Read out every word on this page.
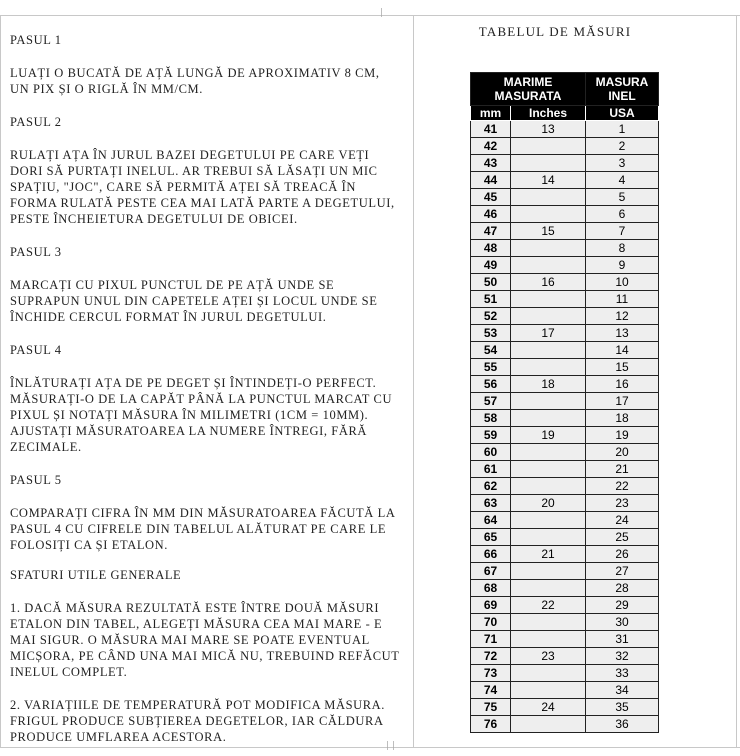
|
| |

PASUL 1

LUAȚI O BUCATĂ DE AȚĂ LUNGĂ DE APROXIMATIV 8 CM, UN PIX ȘI O RIGLĂ ÎN MM/CM.

PASUL 2

RULAȚI AȚA ÎN JURUL BAZEI DEGETULUI PE CARE VEȚI DORI SĂ PURTAȚI INELUL. AR TREBUI SĂ LĂSAȚI UN MIC SPAȚIU, "JOC", CARE SĂ PERMITĂ AȚEI SĂ TREACĂ ÎN FORMA RULATĂ PESTE CEA MAI LATĂ PARTE A DEGETULUI, PESTE ÎNCHEIETURA DEGETULUI DE OBICEI.

PASUL 3

MARCAȚI CU PIXUL PUNCTUL DE PE AȚĂ UNDE SE SUPRAPUN UNUL DIN CAPETELE AȚEI ȘI LOCUL UNDE SE ÎNCHIDE CERCUL FORMAT ÎN JURUL DEGETULUI.

PASUL 4

ÎNLĂTURAȚI AȚA DE PE DEGET ȘI ÎNTINDEȚI-O PERFECT. MĂSURAȚI-O DE LA CAPĂT PÂNĂ LA PUNCTUL MARCAT CU PIXUL ȘI NOTAȚI MĂSURA ÎN MILIMETRI (1CM = 10MM). AJUSTAȚI MĂSURATOAREA LA NUMERE ÎNTREGI, FĂRĂ ZECIMALE.

PASUL 5

COMPARAȚI CIFRA ÎN MM DIN MĂSURATOAREA FĂCUTĂ LA PASUL 4 CU CIFRELE DIN TABELUL ALĂTURAT PE CARE LE FOLOSIȚI CA ȘI ETALON.

SFATURI UTILE GENERALE

1. DACĂ MĂSURA REZULTATĂ ESTE ÎNTRE DOUĂ MĂSURI ETALON DIN TABEL, ALEGEȚI MĂSURA CEA MAI MARE - E MAI SIGUR. O MĂSURA MAI MARE SE POATE EVENTUAL MICȘORA, PE CÂND UNA MAI MICĂ NU, TREBUIND REFĂCUT INELUL COMPLET.

2. VARIAȚIILE DE TEMPERATURĂ POT MODIFICA MĂSURA. FRIGUL PRODUCE SUBȚIEREA DEGETELOR, IAR CĂLDURA PRODUCE UMFLAREA ACESTORA.

TABELUL DE MĂSURI
MARIME MASURATA		MASURA INEL
mm	Inches	USA
41	13	1
42		2
43		3
44	14	4
45		5
46		6
47	15	7
48		8
49		9
50	16	10
51		11
52		12
53	17	13
54		14
55		15
56	18	16
57		17
58		18
59	19	19
60		20
61		21
62		22
63	20	23
64		24
65		25
66	21	26
67		27
68		28
69	22	29
70		30
71		31
72	23	32
73		33
74		34
75	24	35
76		36
